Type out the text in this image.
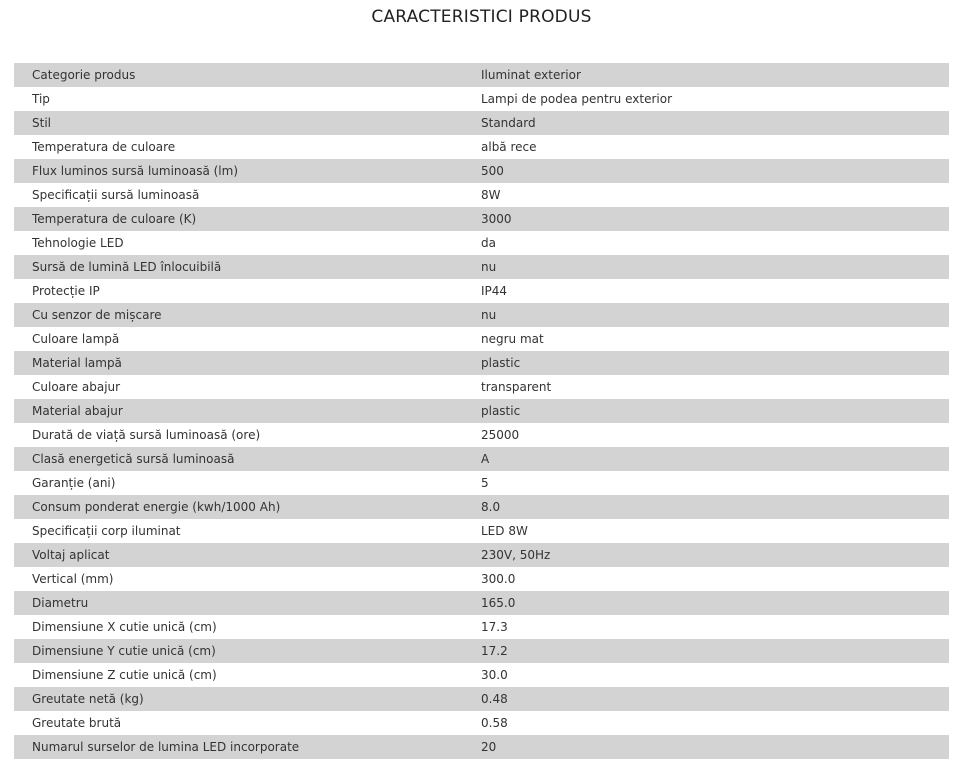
CARACTERISTICI PRODUS
Categorie produs	Iluminat exterior
Tip	Lampi de podea pentru exterior
Stil	Standard
Temperatura de culoare	albă rece
Flux luminos sursă luminoasă (lm)	500
Specificații sursă luminoasă	8W
Temperatura de culoare (K)	3000
Tehnologie LED	da
Sursă de lumină LED înlocuibilă	nu
Protecție IP	IP44
Cu senzor de mișcare	nu
Culoare lampă	negru mat
Material lampă	plastic
Culoare abajur	transparent
Material abajur	plastic
Durată de viață sursă luminoasă (ore)	25000
Clasă energetică sursă luminoasă	A
Garanție (ani)	5
Consum ponderat energie (kwh/1000 Ah)	8.0
Specificații corp iluminat	LED 8W
Voltaj aplicat	230V, 50Hz
Vertical (mm)	300.0
Diametru	165.0
Dimensiune X cutie unică (cm)	17.3
Dimensiune Y cutie unică (cm)	17.2
Dimensiune Z cutie unică (cm)	30.0
Greutate netă (kg)	0.48
Greutate brută	0.58
Numarul surselor de lumina LED incorporate	20
